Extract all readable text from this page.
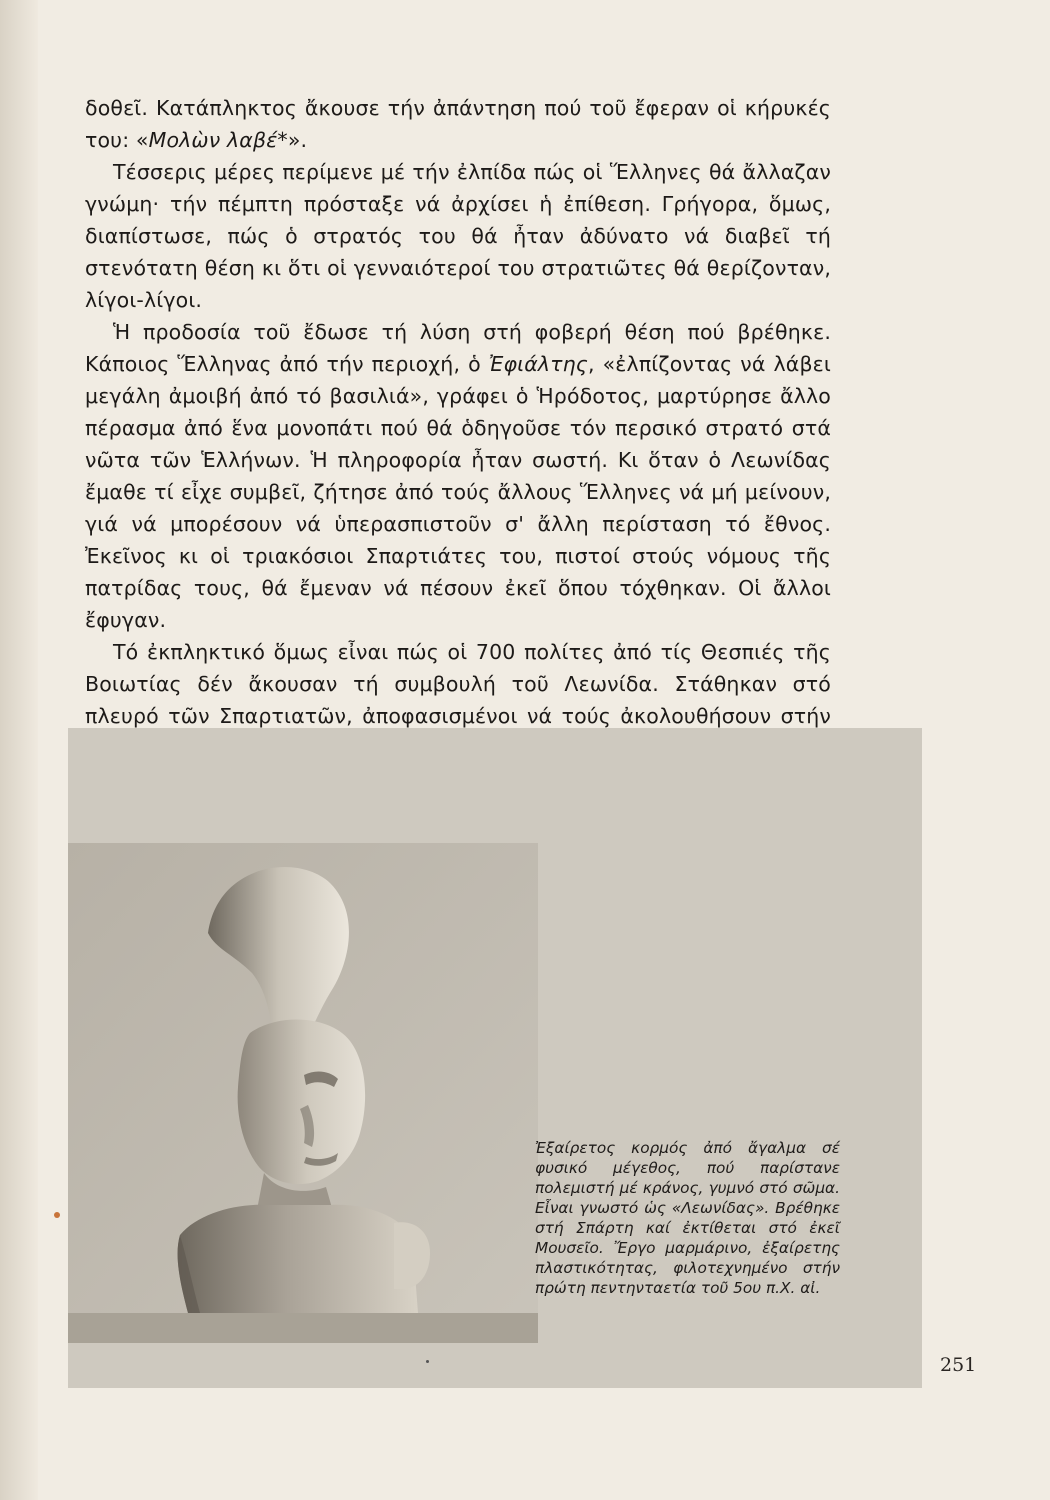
δοθεῖ. Κατάπληκτος ἄκουσε τήν ἀπάντηση πού τοῦ ἔφεραν οἱ κήρυκές του: «Μολὼν λαβέ*».

Τέσσερις μέρες περίμενε μέ τήν ἐλπίδα πώς οἱ Ἕλληνες θά ἄλλαζαν γνώμη· τήν πέμπτη πρόσταξε νά ἀρχίσει ἡ ἐπίθεση. Γρήγορα, ὅμως, διαπίστωσε, πώς ὁ στρατός του θά ἦταν ἀδύνατο νά διαβεῖ τή στενότατη θέση κι ὅτι οἱ γενναιότεροί του στρατιῶτες θά θερίζονταν, λίγοι-λίγοι.

Ἡ προδοσία τοῦ ἔδωσε τή λύση στή φοβερή θέση πού βρέθηκε. Κάποιος Ἕλληνας ἀπό τήν περιοχή, ὁ Ἐφιάλτης, «ἐλπίζοντας νά λάβει μεγάλη ἀμοιβή ἀπό τό βασιλιά», γράφει ὁ Ἡρόδοτος, μαρτύρησε ἄλλο πέρασμα ἀπό ἕνα μονοπάτι πού θά ὁδηγοῦσε τόν περσικό στρατό στά νῶτα τῶν Ἑλλήνων. Ἡ πληροφορία ἦταν σωστή. Κι ὅταν ὁ Λεωνίδας ἔμαθε τί εἶχε συμβεῖ, ζήτησε ἀπό τούς ἄλλους Ἕλληνες νά μή μείνουν, γιά νά μπορέσουν νά ὑπερασπιστοῦν σ' ἄλλη περίσταση τό ἔθνος. Ἐκεῖνος κι οἱ τριακόσιοι Σπαρτιάτες του, πιστοί στούς νόμους τῆς πατρίδας τους, θά ἔμεναν νά πέσουν ἐκεῖ ὅπου τόχθηκαν. Οἱ ἄλλοι ἔφυγαν.

Τό ἐκπληκτικό ὅμως εἶναι πώς οἱ 700 πολίτες ἀπό τίς Θεσπιές τῆς Βοιωτίας δέν ἄκουσαν τή συμβουλή τοῦ Λεωνίδα. Στάθηκαν στό πλευρό τῶν Σπαρτιατῶν, ἀποφασισμένοι νά τούς ἀκολουθήσουν στήν

Ἐξαίρετος κορμός ἀπό ἄγαλμα σέ φυσικό μέγεθος, πού παρίστανε πολεμιστή μέ κράνος, γυμνό στό σῶμα. Εἶναι γνωστό ὡς «Λεωνίδας». Βρέθηκε στή Σπάρτη καί ἐκτίθεται στό ἐκεῖ Μουσεῖο. Ἔργο μαρμάρινο, ἐξαίρετης πλαστικότητας, φιλοτεχνημένο στήν πρώτη πεντηνταετία τοῦ 5ου π.Χ. αἰ.
251
